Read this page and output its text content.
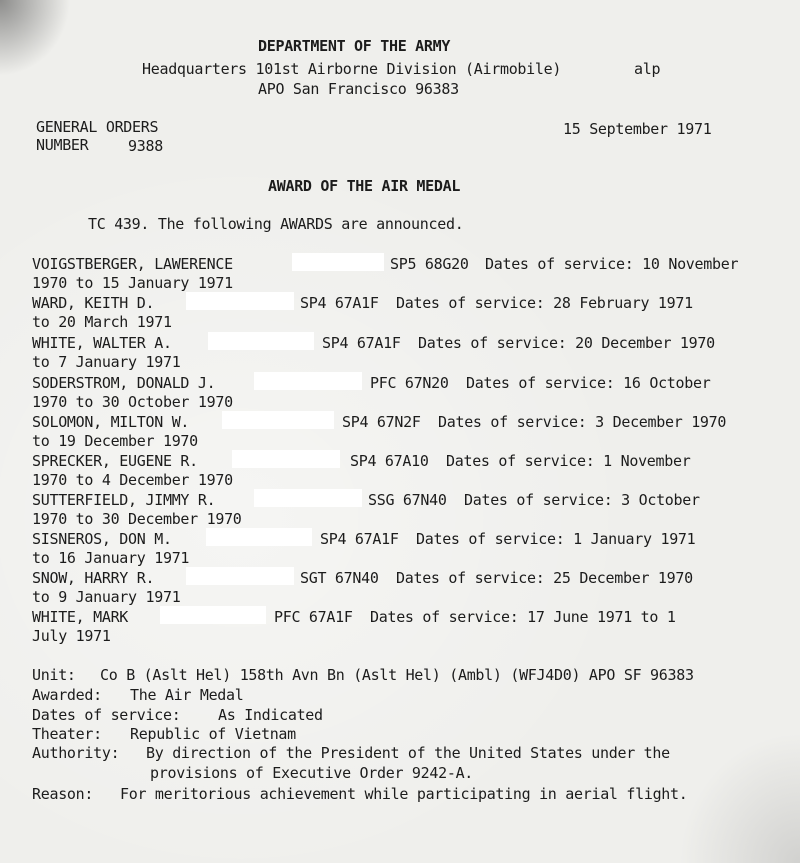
DEPARTMENT OF THE ARMY
Headquarters 101st Airborne Division (Airmobile)	alp
APO San Francisco 96383
GENERAL ORDERS
NUMBER	9388
15 September 1971
AWARD OF THE AIR MEDAL
TC 439. The following AWARDS are announced.
VOIGSTBERGER, LAWERENCE	SP5 68G20 Dates of service: 10 November
1970 to 15 January 1971
WARD, KEITH D.	SP4 67A1F Dates of service: 28 February 1971
to 20 March 1971
WHITE, WALTER A.	SP4 67A1F Dates of service: 20 December 1970
to 7 January 1971
SODERSTROM, DONALD J.	PFC 67N20 Dates of service: 16 October
1970 to 30 October 1970
SOLOMON, MILTON W.	SP4 67N2F Dates of service: 3 December 1970
to 19 December 1970
SPRECKER, EUGENE R.	SP4 67A10 Dates of service: 1 November
1970 to 4 December 1970
SUTTERFIELD, JIMMY R.	SSG 67N40 Dates of service: 3 October
1970 to 30 December 1970
SISNEROS, DON M.	SP4 67A1F Dates of service: 1 January 1971
to 16 January 1971
SNOW, HARRY R.	SGT 67N40 Dates of service: 25 December 1970
to 9 January 1971
WHITE, MARK	PFC 67A1F Dates of service: 17 June 1971 to 1
July 1971
Unit: Co B (Aslt Hel) 158th Avn Bn (Aslt Hel) (Ambl) (WFJ4D0) APO SF 96383
Awarded: The Air Medal
Dates of service:	As Indicated
Theater: Republic of Vietnam
Authority: By direction of the President of the United States under the
provisions of Executive Order 9242-A.
Reason: For meritorious achievement while participating in aerial flight.
